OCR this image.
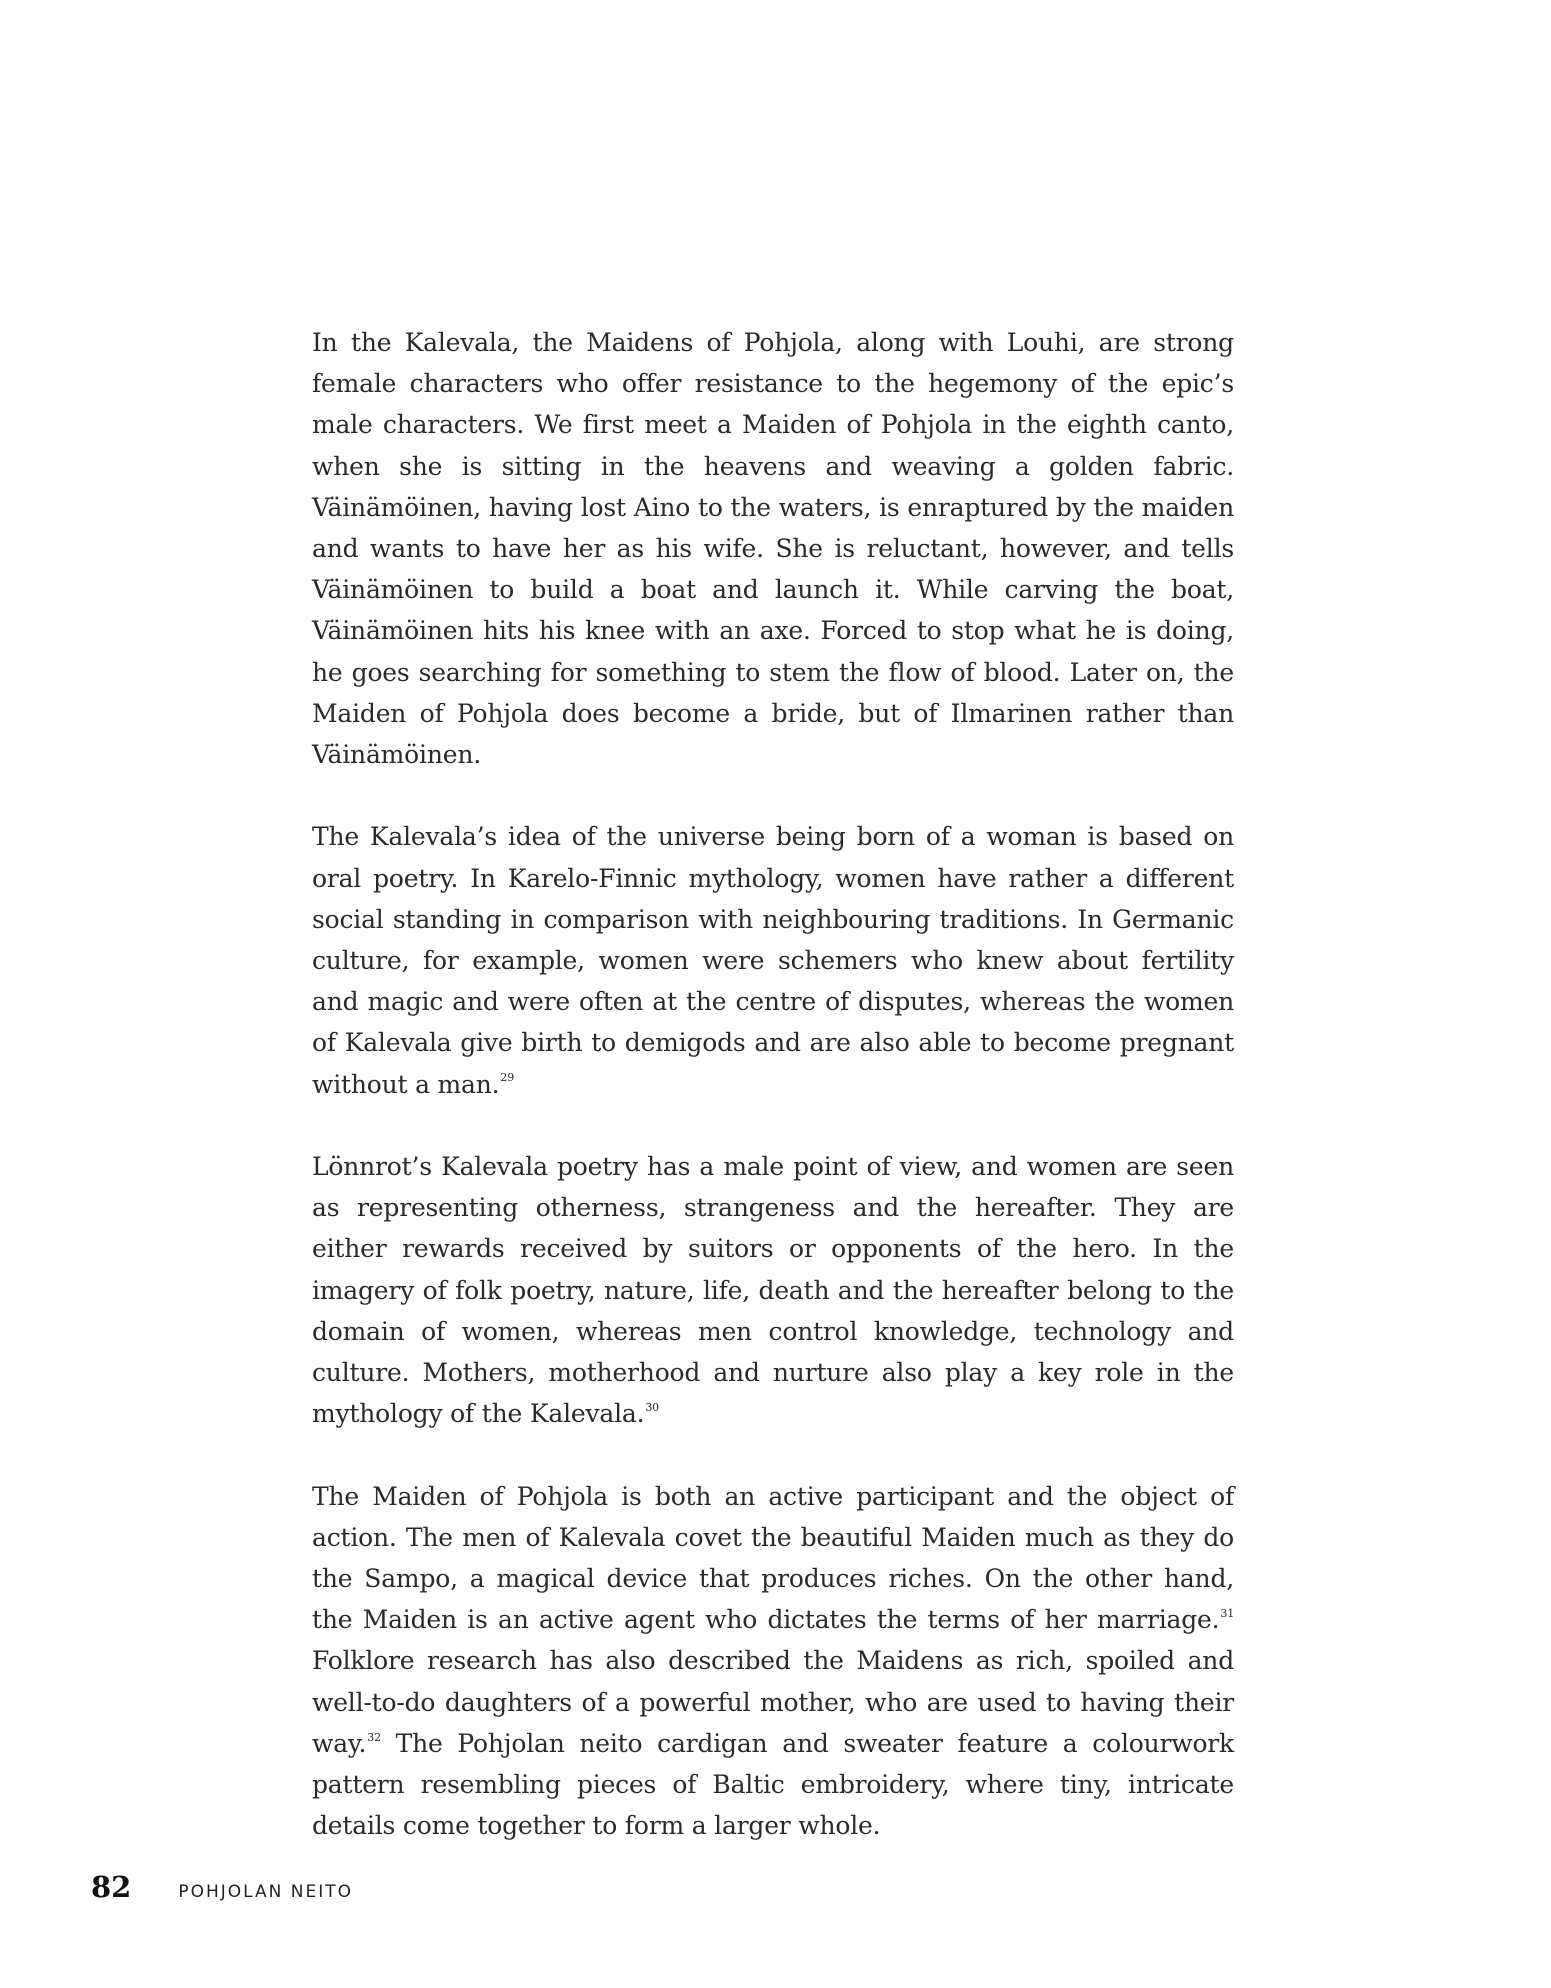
In the Kalevala, the Maidens of Pohjola, along with Louhi, are strong female characters who offer resistance to the hegemony of the epic’s male characters. We first meet a Maiden of Pohjola in the eighth canto, when she is sitting in the heavens and weaving a golden fabric. Väinämöinen, having lost Aino to the waters, is enraptured by the maiden and wants to have her as his wife. She is reluctant, however, and tells Väinämöinen to build a boat and launch it. While carving the boat, Väinämöinen hits his knee with an axe. Forced to stop what he is doing, he goes searching for something to stem the flow of blood. Later on, the Maiden of Pohjola does become a bride, but of Ilmarinen rather than Väinämöinen.

The Kalevala’s idea of the universe being born of a woman is based on oral poetry. In Karelo-Finnic mythology, women have rather a different social standing in comparison with neighbouring traditions. In Germanic culture, for example, women were schemers who knew about fertility and magic and were often at the centre of disputes, whereas the women of Kalevala give birth to demigods and are also able to become pregnant without a man.$^{29}$

Lönnrot’s Kalevala poetry has a male point of view, and women are seen as representing otherness, strangeness and the hereafter. They are either rewards received by suitors or opponents of the hero. In the imagery of folk poetry, nature, life, death and the hereafter belong to the domain of women, whereas men control knowledge, technology and culture. Mothers, motherhood and nurture also play a key role in the mythology of the Kalevala.$^{30}$

The Maiden of Pohjola is both an active participant and the object of action. The men of Kalevala covet the beautiful Maiden much as they do the Sampo, a magical device that produces riches. On the other hand, the Maiden is an active agent who dictates the terms of her marriage.$^{31}$ Folklore research has also described the Maidens as rich, spoiled and well-to-do daughters of a powerful mother, who are used to having their way.$^{32}$ The Pohjolan neito cardigan and sweater feature a colourwork pattern resembling pieces of Baltic embroidery, where tiny, intricate details come together to form a larger whole.

82	POHJOLAN NEITO
